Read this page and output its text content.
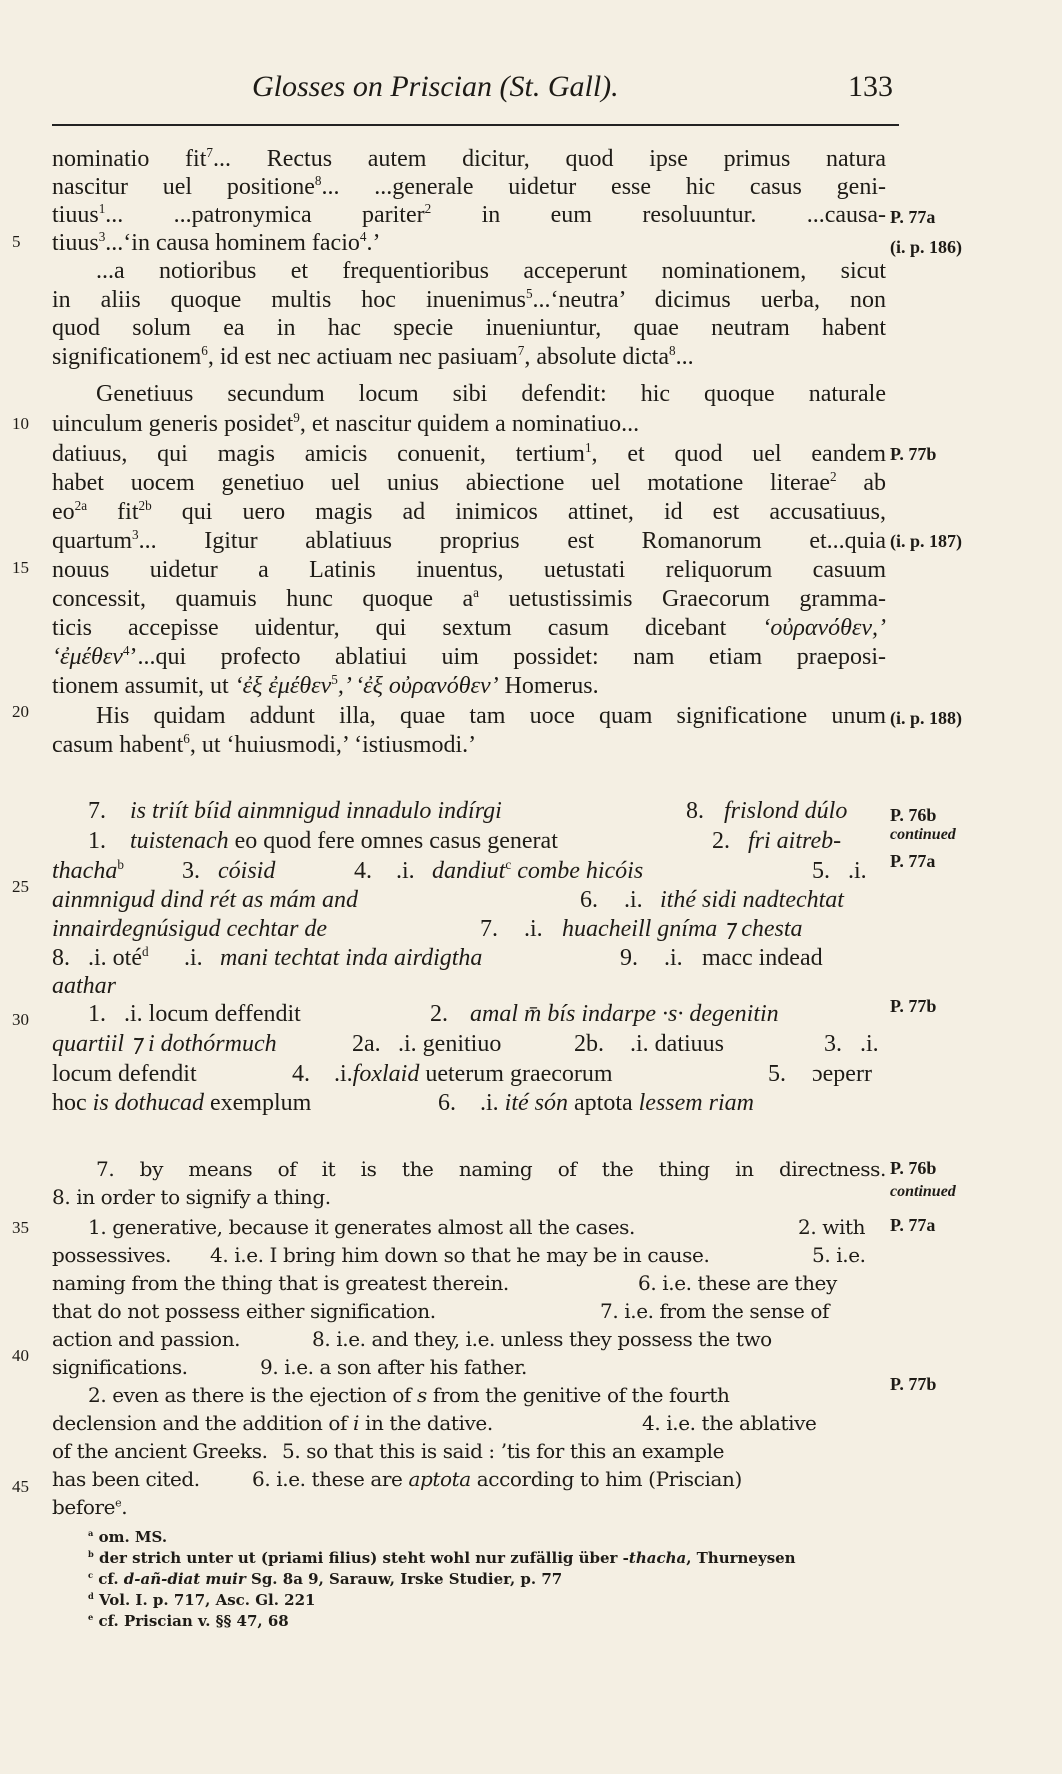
Glosses on Priscian (St. Gall).	133
5
10
15
20
25
30
35
40
45
P. 77a
(i. p. 186)
P. 77b
(i. p. 187)
(i. p. 188)
P. 76b
continued
P. 77a
P. 77b
P. 76b
continued
P. 77a
P. 77b
nominatio fit$^7$... Rectus autem dicitur, quod ipse primus natura
nascitur uel positione$^8$... ...generale uidetur esse hic casus geni-
tiuus$^1$... ...patronymica pariter$^2$ in eum resoluuntur. ...causa-
tiuus$^3$...‘in causa hominem facio$^4$.’
...a notioribus et frequentioribus acceperunt nominationem, sicut
in aliis quoque multis hoc inuenimus$^5$...‘neutra’ dicimus uerba, non
quod solum ea in hac specie inueniuntur, quae neutram habent
significationem$^6$, id est nec actiuam nec pasiuam$^7$, absolute dicta$^8$...
Genetiuus secundum locum sibi defendit: hic quoque naturale
uinculum generis posidet$^9$, et nascitur quidem a nominatiuo...
datiuus, qui magis amicis conuenit, tertium$^1$, et quod uel eandem
habet uocem genetiuo uel unius abiectione uel motatione literae$^2$ ab
$eo^{2a}$ fit$^{2b}$ qui uero magis ad inimicos attinet, id est accusatiuus,
quartum$^3$... Igitur ablatiuus proprius est Romanorum et...quia
nouus uidetur a Latinis inuentus, uetustati reliquorum casuum
concessit, quamuis hunc quoque $a^a$ uetustissimis Graecorum gramma-
ticis accepisse uidentur, qui sextum casum dicebant ‘οὐρανόθεν,’
‘ἐμέθεν$^4$’...qui profecto ablatiui uim possidet: nam etiam praeposi-
tionem assumit, ut ‘ἐξ ἐμέθεν$^5$,’ ‘ἐξ οὐρανόθεν’ Homerus.
His quidam addunt illa, quae tam uoce quam significatione unum
casum habent$^6$, ut ‘huiusmodi,’ ‘istiusmodi.’
7. is triít bíid ainmnigud innadulo indírgi	8. frislond dúlo
1. tuistenach eo quod fere omnes casus generat	2. fri aitreb-
thacha$^b$ 3. cóisid	4. .i. dandiut$^c$ combe hicóis	5. .i.
ainmnigud dind rét as mám and	6. .i. ithé sidi nadtechtat
innairdegnúsigud cechtar de	7. .i. huacheill gníma ⁊ chesta
8. .i. oté$^d$ .i. mani techtat inda airdigtha	9. .i. macc indead
aathar
1. .i. locum deffendit	2. amal m̄ bís indarpe ·s· degenitin
quartiil ⁊ i dothórmuch	2a. .i. genitiuo	2b. .i. datiuus	3. .i.
locum defendit	4. .i.foxlaid ueterum graecorum	5. ɔeperr
hoc is dothucad exemplum	6. .i. ité són aptota lessem riam
7. by means of it is the naming of the thing in directness.
8. in order to signify a thing.
1. generative, because it generates almost all the cases.	2. with
possessives. 4. i.e. I bring him down so that he may be in cause.	5. i.e.
naming from the thing that is greatest therein.	6. i.e. these are they
that do not possess either signification.	7. i.e. from the sense of
action and passion.	8. i.e. and they, i.e. unless they possess the two
significations.	9. i.e. a son after his father.
2. even as there is the ejection of s from the genitive of the fourth
declension and the addition of i in the dative.	4. i.e. the ablative
of the ancient Greeks. 5. so that this is said : ’tis for this an example
has been cited.	6. i.e. these are aptota according to him (Priscian)
before$^e$.
$^a$ om. MS.
$^b$ der strich unter ut (priami filius) steht wohl nur zufällig über -thacha, Thurneysen
$^c$ cf. d-añ-diat muir Sg. 8a 9, Sarauw, Irske Studier, p. 77
$^d$ Vol. I. p. 717, Asc. Gl. 221
$^e$ cf. Priscian v. §§ 47, 68
